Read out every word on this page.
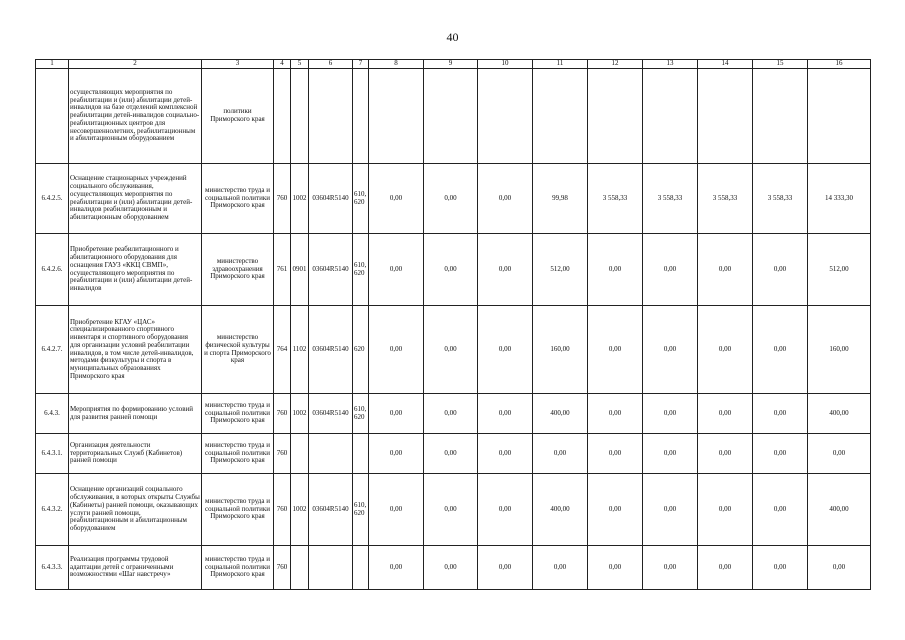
40
1	2	3	4	5	6	7	8	9	10	11	12	13	14	15	16
	осуществляющих мероприятия по реабилитации и (или) абилитации детей-инвалидов на базе отделений комплексной реабилитации детей-инвалидов социально-реабилитационных центров для несовершеннолетних, реабилитационным и абилитационным оборудованием	политики Приморского края													
6.4.2.5.	Оснащение стационарных учреждений социального обслуживания, осуществляющих мероприятия по реабилитации и (или) абилитации детей-инвалидов реабилитационным и абилитационным оборудованием	министерство труда и социальной политики Приморского края	760	1002	03604R5140	610, 620	0,00	0,00	0,00	99,98	3 558,33	3 558,33	3 558,33	3 558,33	14 333,30
6.4.2.6.	Приобретение реабилитационного и абилитационного оборудования для оснащения ГАУЗ «ККЦ СВМП», осуществляющего мероприятия по реабилитации и (или) абилитации детей-инвалидов	министерство здравоохранения Приморского края	761	0901	03604R5140	610, 620	0,00	0,00	0,00	512,00	0,00	0,00	0,00	0,00	512,00
6.4.2.7.	Приобретение КГАУ «ЦАС» специализированного спортивного инвентаря и спортивного оборудования для организации условий реабилитации инвалидов, в том числе детей-инвалидов, методами физкультуры и спорта в муниципальных образованиях Приморского края	министерство физической культуры и спорта Приморского края	764	1102	03604R5140	620	0,00	0,00	0,00	160,00	0,00	0,00	0,00	0,00	160,00
6.4.3.	Мероприятия по формированию условий для развития ранней помощи	министерство труда и социальной политики Приморского края	760	1002	03604R5140	610, 620	0,00	0,00	0,00	400,00	0,00	0,00	0,00	0,00	400,00
6.4.3.1.	Организация деятельности территориальных Служб (Кабинетов) ранней помощи	министерство труда и социальной политики Приморского края	760				0,00	0,00	0,00	0,00	0,00	0,00	0,00	0,00	0,00
6.4.3.2.	Оснащение организаций социального обслуживания, в которых открыты Службы (Кабинеты) ранней помощи, оказывающих услуги ранней помощи, реабилитационным и абилитационным оборудованием	министерство труда и социальной политики Приморского края	760	1002	03604R5140	610, 620	0,00	0,00	0,00	400,00	0,00	0,00	0,00	0,00	400,00
6.4.3.3.	Реализация программы трудовой адаптации детей с ограниченными возможностями «Шаг навстречу»	министерство труда и социальной политики Приморского края	760				0,00	0,00	0,00	0,00	0,00	0,00	0,00	0,00	0,00
